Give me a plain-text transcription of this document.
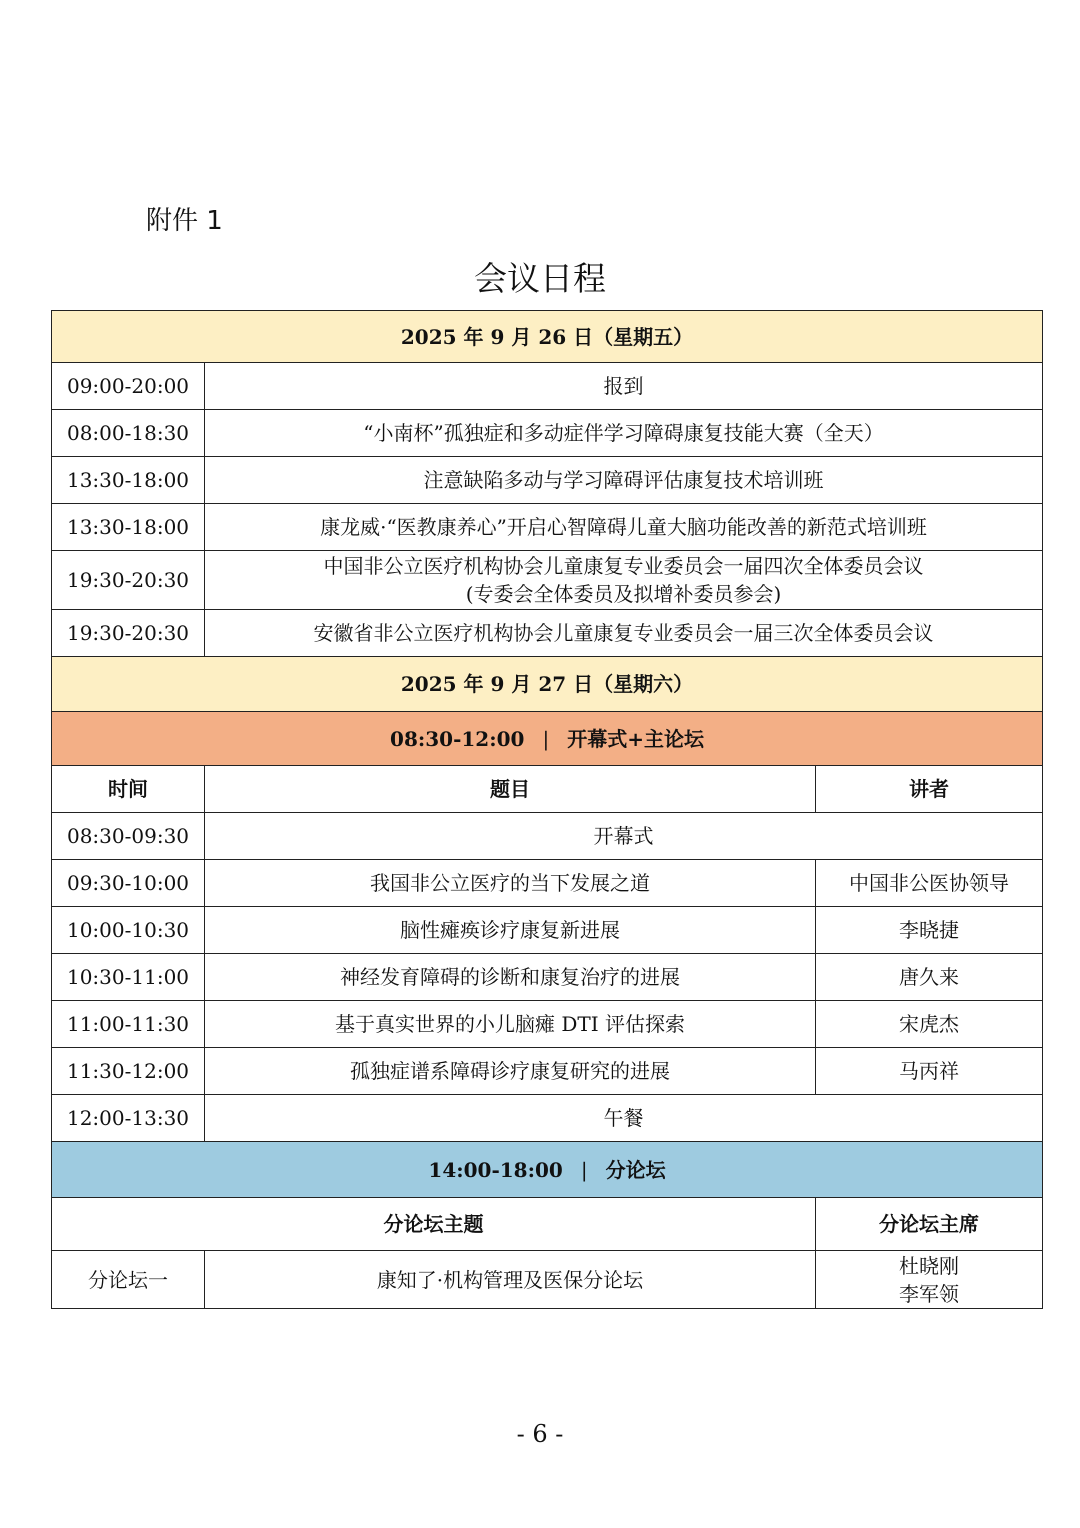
附件 1
会议日程
2025 年 9 月 26 日（星期五）		
09:00-20:00	报到	
08:00-18:30	“小南杯”孤独症和多动症伴学习障碍康复技能大赛（全天）	
13:30-18:00	注意缺陷多动与学习障碍评估康复技术培训班	
13:30-18:00	康龙威·“医教康养心”开启心智障碍儿童大脑功能改善的新范式培训班	
19:30-20:30	中国非公立医疗机构协会儿童康复专业委员会一届四次全体委员会议
(专委会全体委员及拟增补委员参会)	

19:30-20:30	安徽省非公立医疗机构协会儿童康复专业委员会一届三次全体委员会议	
2025 年 9 月 27 日（星期六）		
08:30-12:00 | 开幕式+主论坛		
时间	题目	讲者
08:30-09:30	开幕式	
09:30-10:00	我国非公立医疗的当下发展之道	中国非公医协领导
10:00-10:30	脑性瘫痪诊疗康复新进展	李晓捷
10:30-11:00	神经发育障碍的诊断和康复治疗的进展	唐久来
11:00-11:30	基于真实世界的小儿脑瘫 DTI 评估探索	宋虎杰
11:30-12:00	孤独症谱系障碍诊疗康复研究的进展	马丙祥
12:00-13:30	午餐	
14:00-18:00 | 分论坛		
分论坛主题		分论坛主席
分论坛一	康知了·机构管理及医保分论坛	杜晓刚
李军领
- 6 -
